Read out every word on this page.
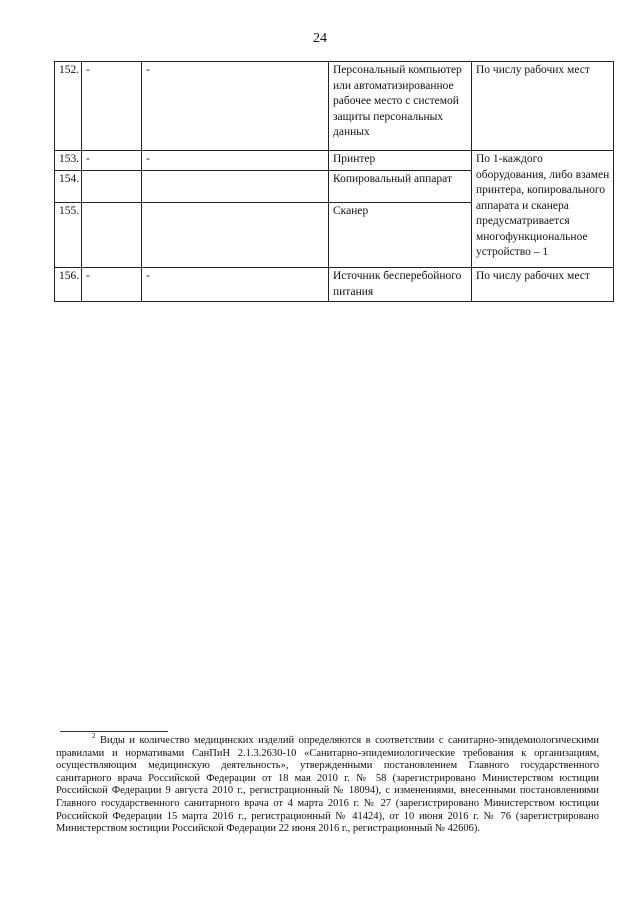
24
152.	-	-	Персональный компьютер или автоматизированное рабочее место с системой защиты персональных данных	По числу рабочих мест
153.	-	-	Принтер	По 1-каждого оборудования, либо взамен принтера, копировального аппарата и сканера предусматривается многофункциональное устройство – 1
154.			Копировальный аппарат	
155.			Сканер	
156.	-	-	Источник бесперебойного питания	По числу рабочих мест
$^2$ Виды и количество медицинских изделий определяются в соответствии с санитарно-эпидемиологическими правилами и нормативами СанПиН 2.1.3.2630-10 «Санитарно-эпидемиологические требования к организациям, осуществляющим медицинскую деятельность», утвержденными постановлением Главного государственного санитарного врача Российской Федерации от 18 мая 2010 г. № 58 (зарегистрировано Министерством юстиции Российской Федерации 9 августа 2010 г., регистрационный № 18094), с изменениями, внесенными постановлениями Главного государственного санитарного врача от 4 марта 2016 г. № 27 (зарегистрировано Министерством юстиции Российской Федерации 15 марта 2016 г., регистрационный № 41424), от 10 июня 2016 г. № 76 (зарегистрировано Министерством юстиции Российской Федерации 22 июня 2016 г., регистрационный № 42606).
